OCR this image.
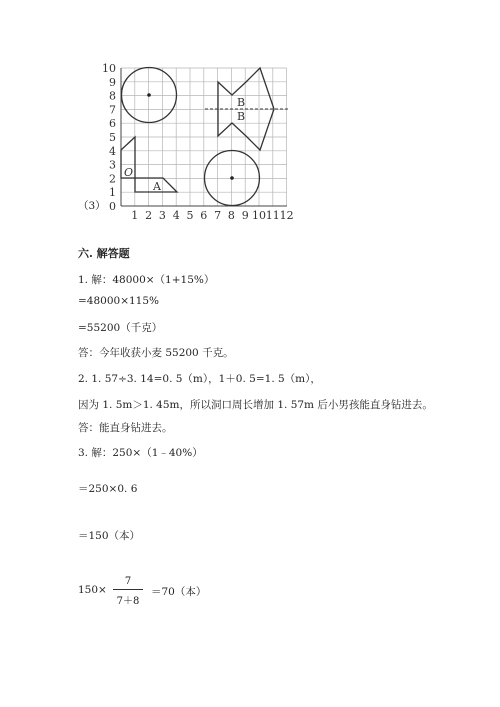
（3） 0
1
2
3
4
5
6
7
8
9
10
1 2 3 4 5 6 7 8 9 10 11 12
B
B
O
A
六. 解答题
1. 解：48000×（1+15%）
=48000×115%
=55200（千克）
答：今年收获小麦 55200 千克。
2. 1. 57÷3. 14=0. 5（m），1＋0. 5=1. 5（m），
因为 1. 5m＞1. 45m，所以洞口周长增加 1. 57m 后小男孩能直身钻进去。
答：能直身钻进去。
3. 解：250×（1﹣40%）
＝250×0. 6
＝150（本）
150×
7
7＋8
＝70（本）
